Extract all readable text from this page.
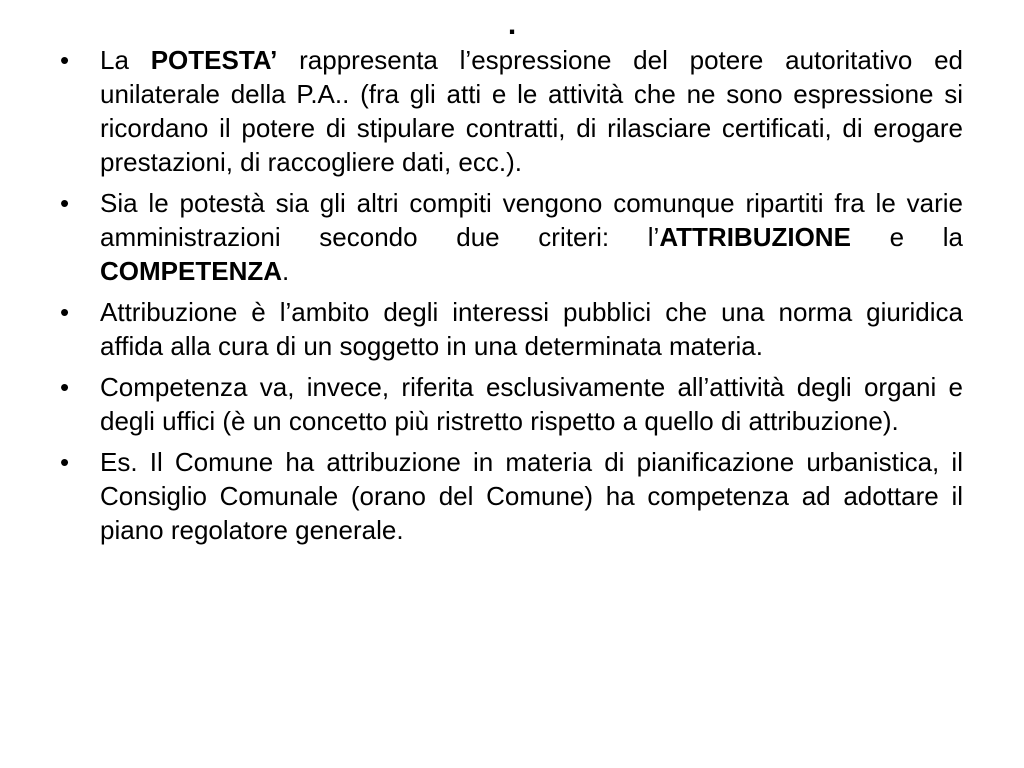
.
•	La POTESTA’ rappresenta l’espressione del potere autoritativo ed unilaterale della P.A.. (fra gli atti e le attività che ne sono espressione si ricordano il potere di stipulare contratti, di rilasciare certificati, di erogare prestazioni, di raccogliere dati, ecc.).
•	Sia le potestà sia gli altri compiti vengono comunque ripartiti fra le varie amministrazioni secondo due criteri: l’ATTRIBUZIONE e la COMPETENZA.
•	Attribuzione è l’ambito degli interessi pubblici che una norma giuridica affida alla cura di un soggetto in una determinata materia.
•	Competenza va, invece, riferita esclusivamente all’attività degli organi e degli uffici (è un concetto più ristretto rispetto a quello di attribuzione).
•	Es. Il Comune ha attribuzione in materia di pianificazione urbanistica, il Consiglio Comunale (orano del Comune) ha competenza ad adottare il piano regolatore generale.
